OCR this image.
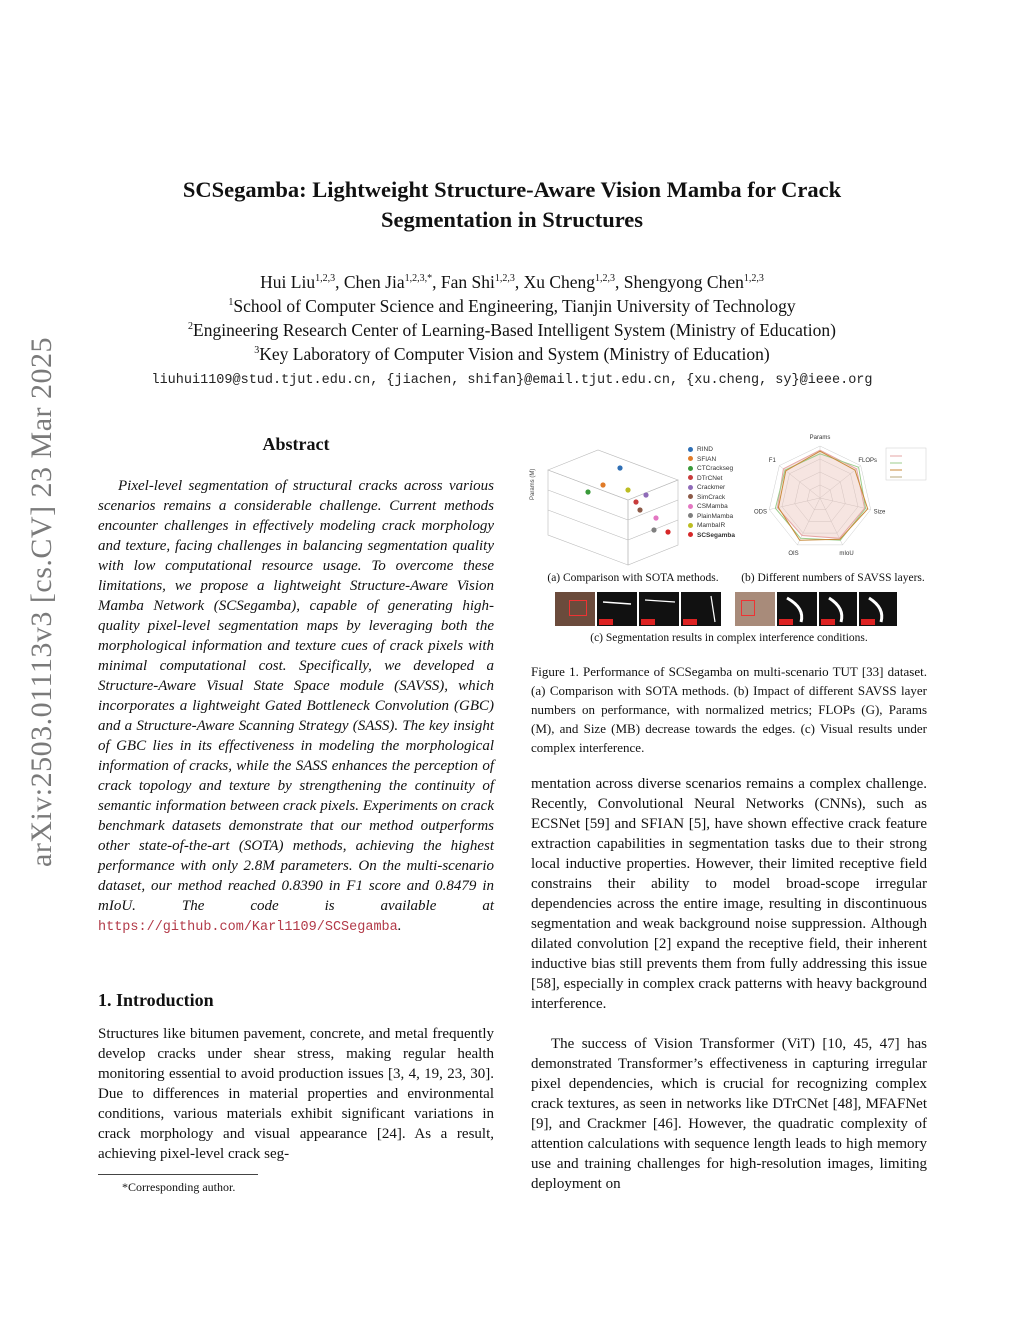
arXiv:2503.01113v3 [cs.CV] 23 Mar 2025
SCSegamba: Lightweight Structure-Aware Vision Mamba for Crack
Segmentation in Structures
Hui Liu$^{1,2,3}$, Chen Jia$^{1,2,3,*}$, Fan Shi$^{1,2,3}$, Xu Cheng$^{1,2,3}$, Shengyong Chen$^{1,2,3}$
$^1$School of Computer Science and Engineering, Tianjin University of Technology
$^2$Engineering Research Center of Learning-Based Intelligent System (Ministry of Education)
$^3$Key Laboratory of Computer Vision and System (Ministry of Education)
liuhui1109@stud.tjut.edu.cn, {jiachen, shifan}@email.tjut.edu.cn, {xu.cheng, sy}@ieee.org
Abstract
Pixel-level segmentation of structural cracks across various scenarios remains a considerable challenge. Current methods encounter challenges in effectively modeling crack morphology and texture, facing challenges in balancing segmentation quality with low computational resource usage. To overcome these limitations, we propose a lightweight Structure-Aware Vision Mamba Network (SCSegamba), capable of generating high-quality pixel-level segmentation maps by leveraging both the morphological information and texture cues of crack pixels with minimal computational cost. Specifically, we developed a Structure-Aware Visual State Space module (SAVSS), which incorporates a lightweight Gated Bottleneck Convolution (GBC) and a Structure-Aware Scanning Strategy (SASS). The key insight of GBC lies in its effectiveness in modeling the morphological information of cracks, while the SASS enhances the perception of crack topology and texture by strengthening the continuity of semantic information between crack pixels. Experiments on crack benchmark datasets demonstrate that our method outperforms other state-of-the-art (SOTA) methods, achieving the highest performance with only 2.8M parameters. On the multi-scenario dataset, our method reached 0.8390 in F1 score and 0.8479 in mIoU. The code is available at https://github.com/Karl1109/SCSegamba.
1. Introduction
Structures like bitumen pavement, concrete, and metal frequently develop cracks under shear stress, making regular health monitoring essential to avoid production issues [3, 4, 19, 23, 30]. Due to differences in material properties and environmental conditions, various materials exhibit significant variations in crack morphology and visual appearance [24]. As a result, achieving pixel-level crack seg-
*Corresponding author.
Params (M)
RIND
SFIAN
CTCrackseg
DTrCNet
Crackmer
SimCrack
CSMamba
PlainMamba
MambaIR
SCSegamba
Params
FLOPs
Size
mIoU
OIS
ODS
F1
(a) Comparison with SOTA methods.	(b) Different numbers of SAVSS layers.
(c) Segmentation results in complex interference conditions.
Figure 1. Performance of SCSegamba on multi-scenario TUT [33] dataset. (a) Comparison with SOTA methods. (b) Impact of different SAVSS layer numbers on performance, with normalized metrics; FLOPs (G), Params (M), and Size (MB) decrease towards the edges. (c) Visual results under complex interference.
mentation across diverse scenarios remains a complex challenge. Recently, Convolutional Neural Networks (CNNs), such as ECSNet [59] and SFIAN [5], have shown effective crack feature extraction capabilities in segmentation tasks due to their strong local inductive properties. However, their limited receptive field constrains their ability to model broad-scope irregular dependencies across the entire image, resulting in discontinuous segmentation and weak background noise suppression. Although dilated convolution [2] expand the receptive field, their inherent inductive bias still prevents them from fully addressing this issue [58], especially in complex crack patterns with heavy background interference.
The success of Vision Transformer (ViT) [10, 45, 47] has demonstrated Transformer’s effectiveness in capturing irregular pixel dependencies, which is crucial for recognizing complex crack textures, as seen in networks like DTrCNet [48], MFAFNet [9], and Crackmer [46]. However, the quadratic complexity of attention calculations with sequence length leads to high memory use and training challenges for high-resolution images, limiting deployment on
